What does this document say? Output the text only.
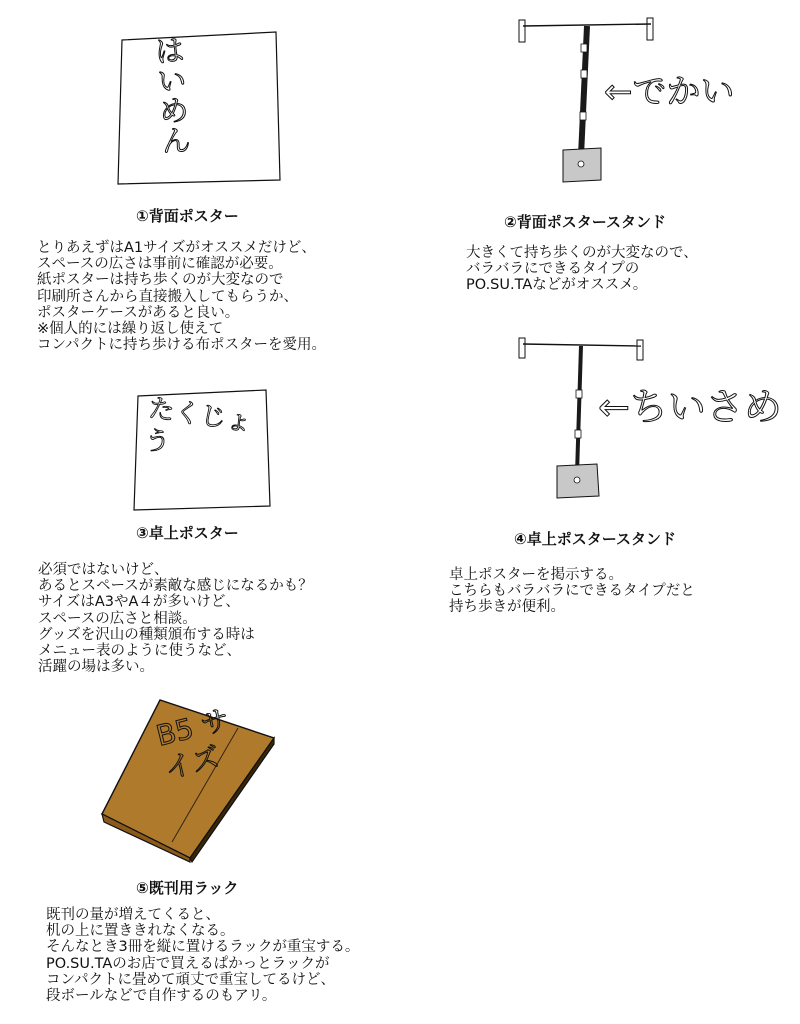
はいめん
①背面ポスター
とりあえずはA1サイズがオススメだけど、
スペースの広さは事前に確認が必要。
紙ポスターは持ち歩くのが大変なので
印刷所さんから直接搬入してもらうか、
ポスターケースがあると良い。
※個人的には繰り返し使えて
コンパクトに持ち歩ける布ポスターを愛用。
←でかい
②背面ポスタースタンド
大きくて持ち歩くのが大変なので、
バラバラにできるタイプの
PO.SU.TAなどがオススメ。
たくじょう
③卓上ポスター
必須ではないけど、
あるとスペースが素敵な感じになるかも？
サイズはA3やA４が多いけど、
スペースの広さと相談。
グッズを沢山の種類頒布する時は
メニュー表のように使うなど、
活躍の場は多い。
←ちいさめ
④卓上ポスタースタンド
卓上ポスターを掲示する。
こちらもバラバラにできるタイプだと
持ち歩きが便利。
B5 サイズ
⑤既刊用ラック
既刊の量が増えてくると、
机の上に置ききれなくなる。
そんなとき3冊を縦に置けるラックが重宝する。
PO.SU.TAのお店で買えるぱかっとラックが
コンパクトに畳めて頑丈で重宝してるけど、
段ボールなどで自作するのもアリ。
